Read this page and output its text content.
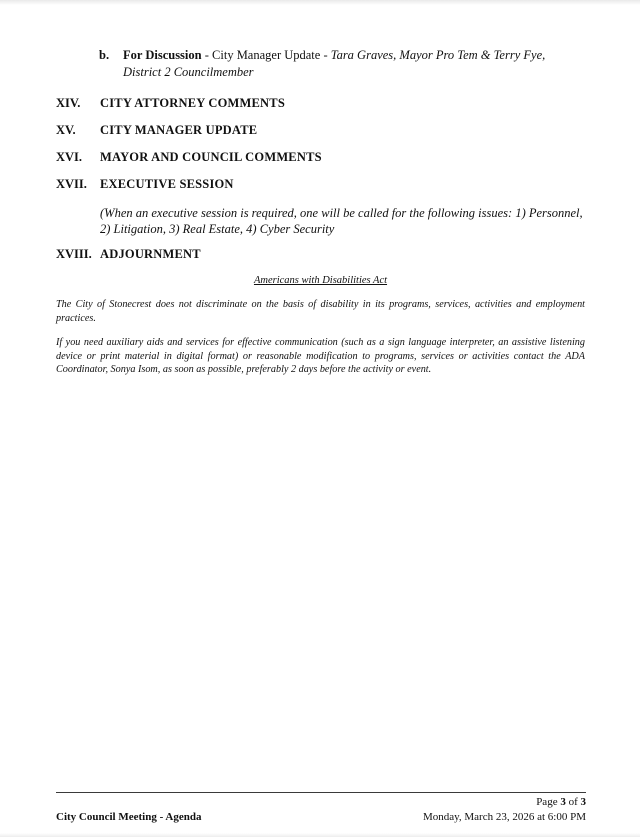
b.	For Discussion - City Manager Update - Tara Graves, Mayor Pro Tem & Terry Fye, District 2 Councilmember
XIV.	CITY ATTORNEY COMMENTS
XV.	CITY MANAGER UPDATE
XVI.	MAYOR AND COUNCIL COMMENTS
XVII.	EXECUTIVE SESSION
(When an executive session is required, one will be called for the following issues: 1) Personnel, 2) Litigation, 3) Real Estate, 4) Cyber Security
XVIII. ADJOURNMENT
Americans with Disabilities Act
The City of Stonecrest does not discriminate on the basis of disability in its programs, services, activities and employment practices.
If you need auxiliary aids and services for effective communication (such as a sign language interpreter, an assistive listening device or print material in digital format) or reasonable modification to programs, services or activities contact the ADA Coordinator, Sonya Isom, as soon as possible, preferably 2 days before the activity or event.
Page 3 of 3
City Council Meeting - Agenda	Monday, March 23, 2026 at 6:00 PM
